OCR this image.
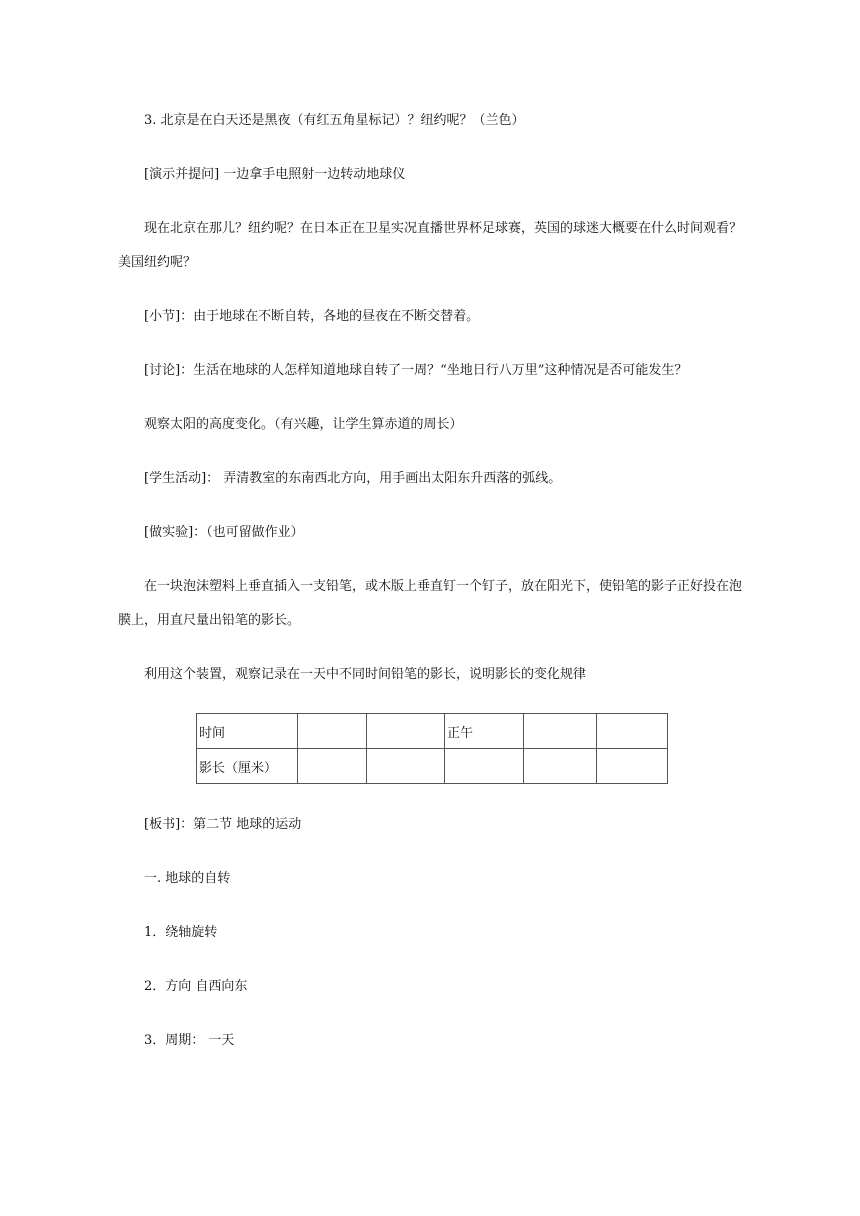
3. 北京是在白天还是黑夜（有红五角星标记）？纽约呢？（兰色）
[演示并提问] 一边拿手电照射一边转动地球仪
现在北京在那儿？纽约呢？在日本正在卫星实况直播世界杯足球赛，英国的球迷大概要在什么时间观看？
美国纽约呢？
[小节]：由于地球在不断自转，各地的昼夜在不断交替着。
[讨论]：生活在地球的人怎样知道地球自转了一周？“坐地日行八万里”这种情况是否可能发生？
观察太阳的高度变化。（有兴趣，让学生算赤道的周长）
[学生活动]： 弄清教室的东南西北方向，用手画出太阳东升西落的弧线。
[做实验]：（也可留做作业）
在一块泡沫塑料上垂直插入一支铅笔，或木版上垂直钉一个钉子，放在阳光下，使铅笔的影子正好投在泡
膜上，用直尺量出铅笔的影长。
利用这个装置，观察记录在一天中不同时间铅笔的影长，说明影长的变化规律
时间			正午		
影长（厘米）					
[板书]：第二节 地球的运动
一. 地球的自转
1．绕轴旋转
2．方向 自西向东
3．周期： 一天
